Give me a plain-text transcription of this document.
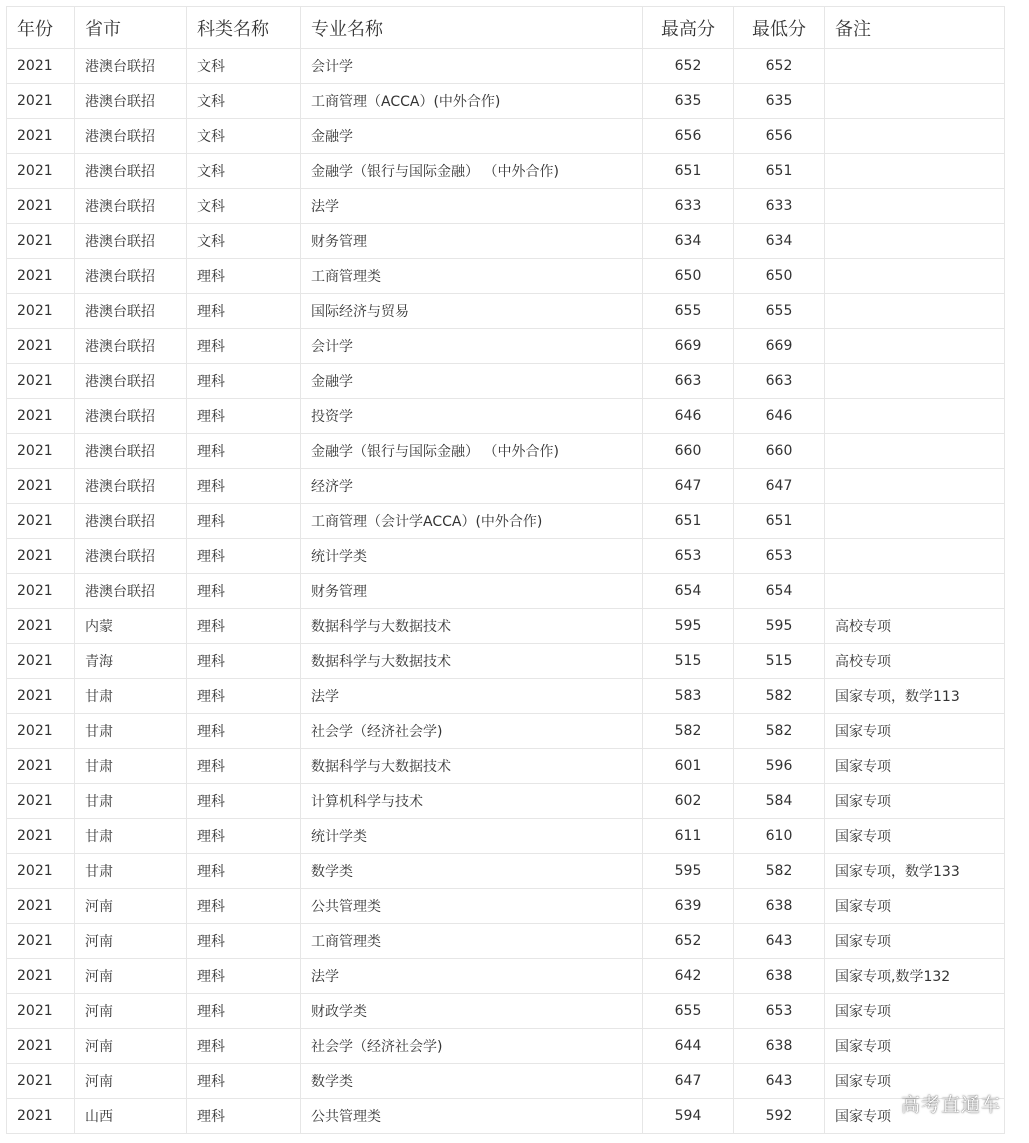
年份	省市	科类名称	专业名称	最高分	最低分	备注
2021	港澳台联招	文科	会计学	652	652	
2021	港澳台联招	文科	工商管理（ACCA）(中外合作)	635	635	
2021	港澳台联招	文科	金融学	656	656	
2021	港澳台联招	文科	金融学（银行与国际金融） （中外合作)	651	651	
2021	港澳台联招	文科	法学	633	633	
2021	港澳台联招	文科	财务管理	634	634	
2021	港澳台联招	理科	工商管理类	650	650	
2021	港澳台联招	理科	国际经济与贸易	655	655	
2021	港澳台联招	理科	会计学	669	669	
2021	港澳台联招	理科	金融学	663	663	
2021	港澳台联招	理科	投资学	646	646	
2021	港澳台联招	理科	金融学（银行与国际金融） （中外合作)	660	660	
2021	港澳台联招	理科	经济学	647	647	
2021	港澳台联招	理科	工商管理（会计学ACCA）(中外合作)	651	651	
2021	港澳台联招	理科	统计学类	653	653	
2021	港澳台联招	理科	财务管理	654	654	
2021	内蒙	理科	数据科学与大数据技术	595	595	高校专项
2021	青海	理科	数据科学与大数据技术	515	515	高校专项
2021	甘肃	理科	法学	583	582	国家专项，数学113
2021	甘肃	理科	社会学（经济社会学)	582	582	国家专项
2021	甘肃	理科	数据科学与大数据技术	601	596	国家专项
2021	甘肃	理科	计算机科学与技术	602	584	国家专项
2021	甘肃	理科	统计学类	611	610	国家专项
2021	甘肃	理科	数学类	595	582	国家专项，数学133
2021	河南	理科	公共管理类	639	638	国家专项
2021	河南	理科	工商管理类	652	643	国家专项
2021	河南	理科	法学	642	638	国家专项,数学132
2021	河南	理科	财政学类	655	653	国家专项
2021	河南	理科	社会学（经济社会学)	644	638	国家专项
2021	河南	理科	数学类	647	643	国家专项
2021	山西	理科	公共管理类	594	592	国家专项
高考直通车
